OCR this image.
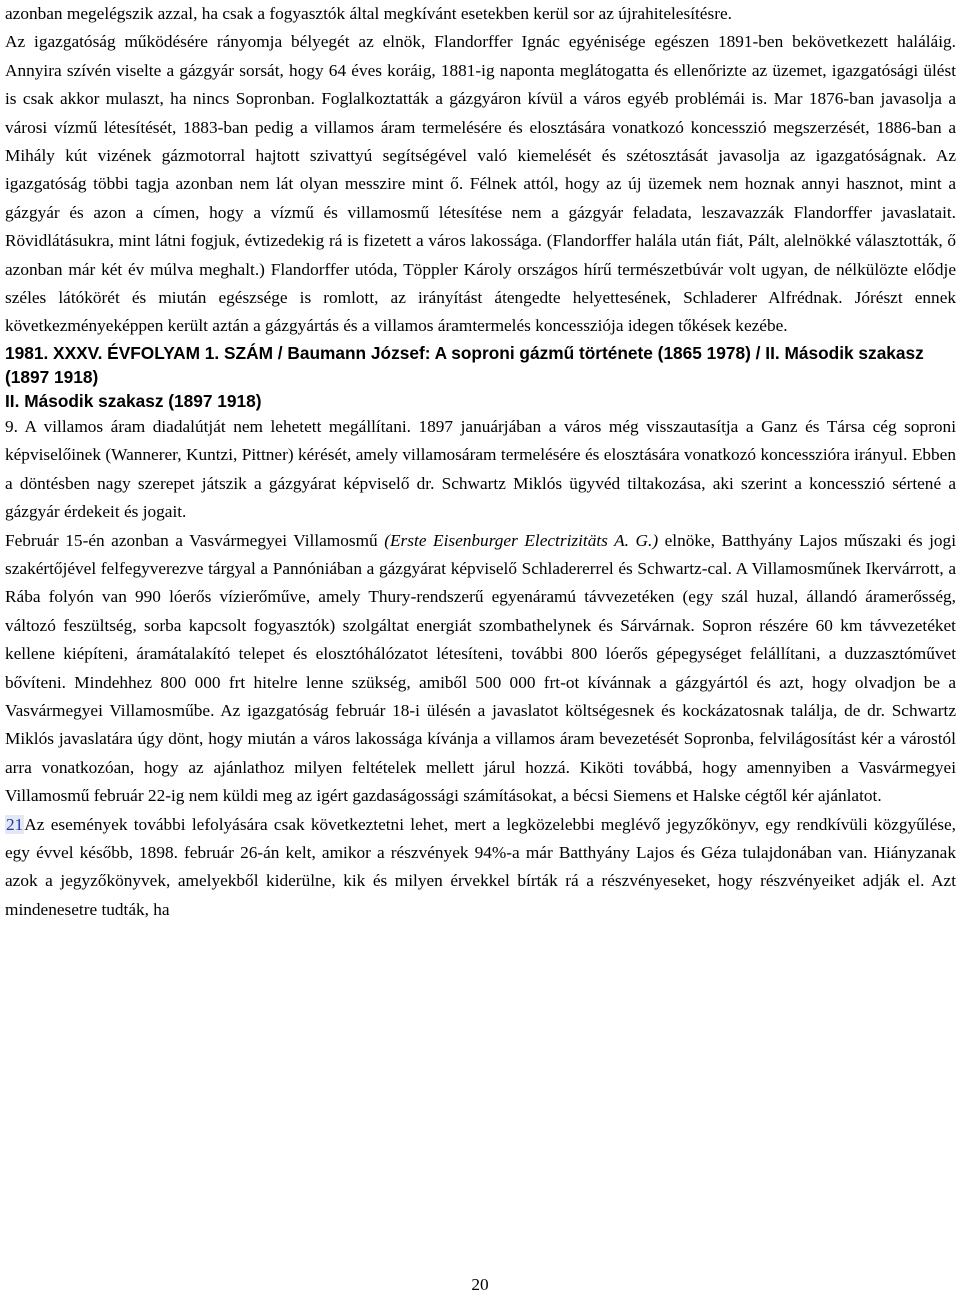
azonban megelégszik azzal, ha csak a fogyasztók által megkívánt esetekben kerül sor az újrahitelesítésre.

Az igazgatóság működésére rányomja bélyegét az elnök, Flandorffer Ignác egyénisége egészen 1891-ben bekövetkezett haláláig. Annyira szívén viselte a gázgyár sorsát, hogy 64 éves koráig, 1881-ig naponta meglátogatta és ellenőrizte az üzemet, igazgatósági ülést is csak akkor mulaszt, ha nincs Sopronban. Foglalkoztatták a gázgyáron kívül a város egyéb problémái is. Mar 1876-ban javasolja a városi vízmű létesítését, 1883-ban pedig a villamos áram termelésére és elosztására vonatkozó koncesszió megszerzését, 1886-ban a Mihály kút vizének gázmotorral hajtott szivattyú segítségével való kiemelését és szétosztását javasolja az igazgatóságnak. Az igazgatóság többi tagja azonban nem lát olyan messzire mint ő. Félnek attól, hogy az új üzemek nem hoznak annyi hasznot, mint a gázgyár és azon a címen, hogy a vízmű és villamosmű létesítése nem a gázgyár feladata, leszavazzák Flandorffer javaslatait. Rövidlátásukra, mint látni fogjuk, évtizedekig rá is fizetett a város lakossága. (Flandorffer halála után fiát, Pált, alelnökké választották, ő azonban már két év múlva meghalt.) Flandorffer utóda, Töppler Károly országos hírű természetbúvár volt ugyan, de nélkülözte elődje széles látókörét és miután egészsége is romlott, az irányítást átengedte helyettesének, Schladerer Alfrédnak. Jórészt ennek következményeképpen került aztán a gázgyártás és a villamos áramtermelés koncessziója idegen tőkések kezébe.

1981. XXXV. ÉVFOLYAM 1. SZÁM / Baumann József: A soproni gázmű története (1865 1978) / II. Második szakasz (1897 1918)
II. Második szakasz (1897 1918)

9. A villamos áram diadalútját nem lehetett megállítani. 1897 januárjában a város még visszautasítja a Ganz és Társa cég soproni képviselőinek (Wannerer, Kuntzi, Pittner) kérését, amely villamosáram termelésére és elosztására vonatkozó koncesszióra irányul. Ebben a döntésben nagy szerepet játszik a gázgyárat képviselő dr. Schwartz Miklós ügyvéd tiltakozása, aki szerint a koncesszió sértené a gázgyár érdekeit és jogait.

Február 15-én azonban a Vasvármegyei Villamosmű (Erste Eisenburger Electrizitäts A. G.) elnöke, Batthyány Lajos műszaki és jogi szakértőjével felfegyverezve tárgyal a Pannóniában a gázgyárat képviselő Schladererrel és Schwartz-cal. A Villamosműnek Ikervárrott, a Rába folyón van 990 lóerős vízierőműve, amely Thury-rendszerű egyenáramú távvezetéken (egy szál huzal, állandó áramerősség, változó feszültség, sorba kapcsolt fogyasztók) szolgáltat energiát szombathelynek és Sárvárnak. Sopron részére 60 km távvezetéket kellene kiépíteni, áramátalakító telepet és elosztóhálózatot létesíteni, további 800 lóerős gépegységet felállítani, a duzzasztóművet bővíteni. Mindehhez 800 000 frt hitelre lenne szükség, amiből 500 000 frt-ot kívánnak a gázgyártól és azt, hogy olvadjon be a Vasvármegyei Villamosműbe. Az igazgatóság február 18-i ülésén a javaslatot költségesnek és kockázatosnak találja, de dr. Schwartz Miklós javaslatára úgy dönt, hogy miután a város lakossága kívánja a villamos áram bevezetését Sopronba, felvilágosítást kér a várostól arra vonatkozóan, hogy az ajánlathoz milyen feltételek mellett járul hozzá. Kiköti továbbá, hogy amennyiben a Vasvármegyei Villamosmű február 22-ig nem küldi meg az igért gazdaságossági számításokat, a bécsi Siemens et Halske cégtől kér ajánlatot.

21Az események további lefolyására csak következtetni lehet, mert a legközelebbi meglévő jegyzőkönyv, egy rendkívüli közgyűlése, egy évvel később, 1898. február 26-án kelt, amikor a részvények 94%-a már Batthyány Lajos és Géza tulajdonában van. Hiányzanak azok a jegyzőkönyvek, amelyekből kiderülne, kik és milyen érvekkel bírták rá a részvényeseket, hogy részvényeiket adják el. Azt mindenesetre tudták, ha

20
